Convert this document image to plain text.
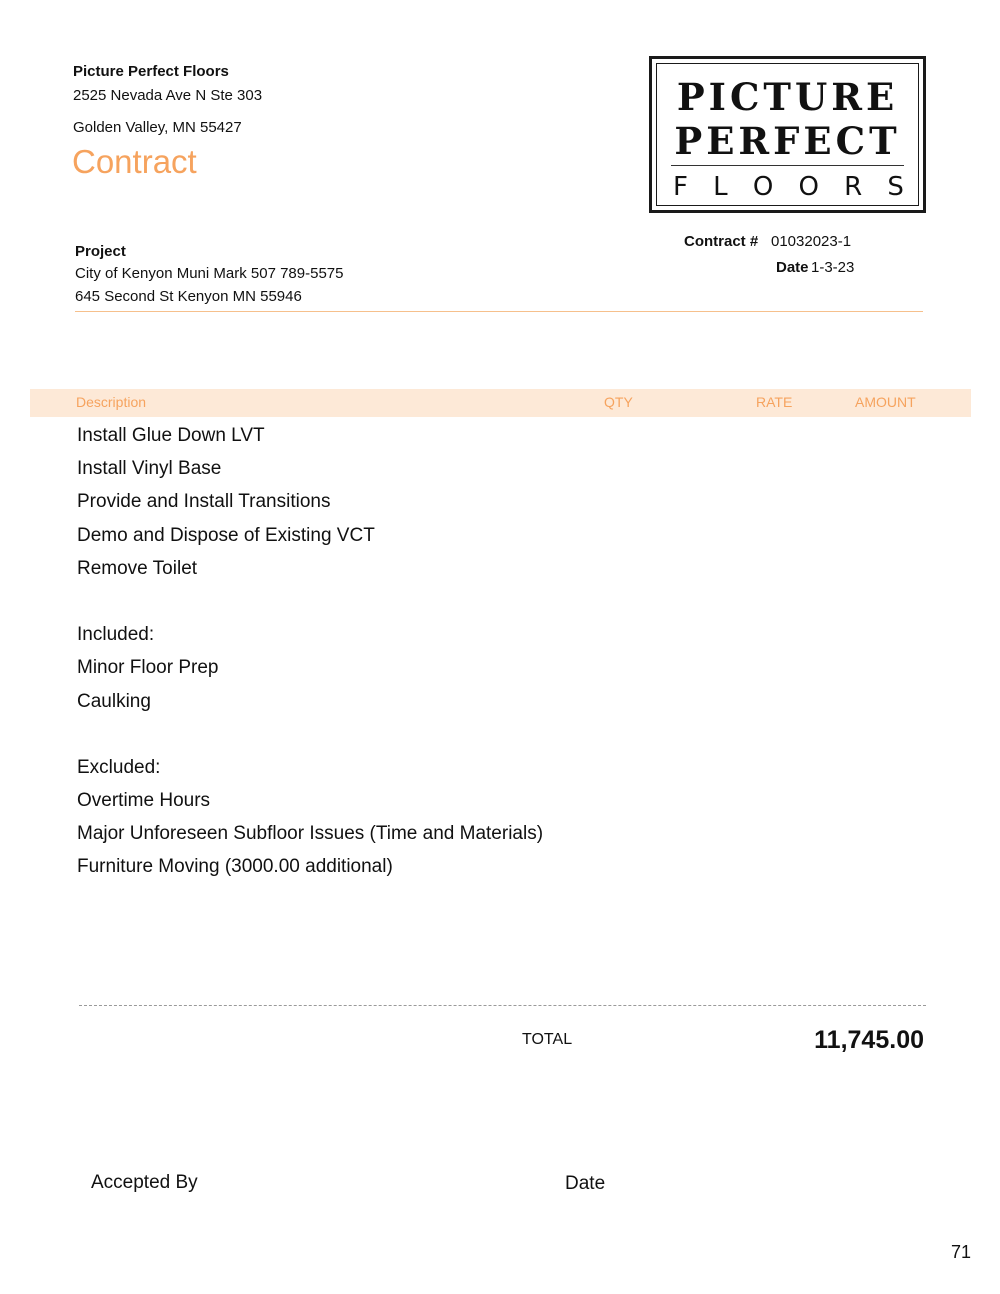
Picture Perfect Floors
2525 Nevada Ave N Ste 303
Golden Valley, MN 55427
Contract
PICTURE
PERFECT
F L O O R S
Project
City of Kenyon Muni Mark 507 789-5575
645 Second St Kenyon MN 55946
Contract # 01032023-1
Date 1-3-23
Description	QTY	RATE	AMOUNT
Install Glue Down LVT
Install Vinyl Base
Provide and Install Transitions
Demo and Dispose of Existing VCT
Remove Toilet
Included:
Minor Floor Prep
Caulking
Excluded:
Overtime Hours
Major Unforeseen Subfloor Issues (Time and Materials)
Furniture Moving (3000.00 additional)
TOTAL	11,745.00
Accepted By	Date
71
